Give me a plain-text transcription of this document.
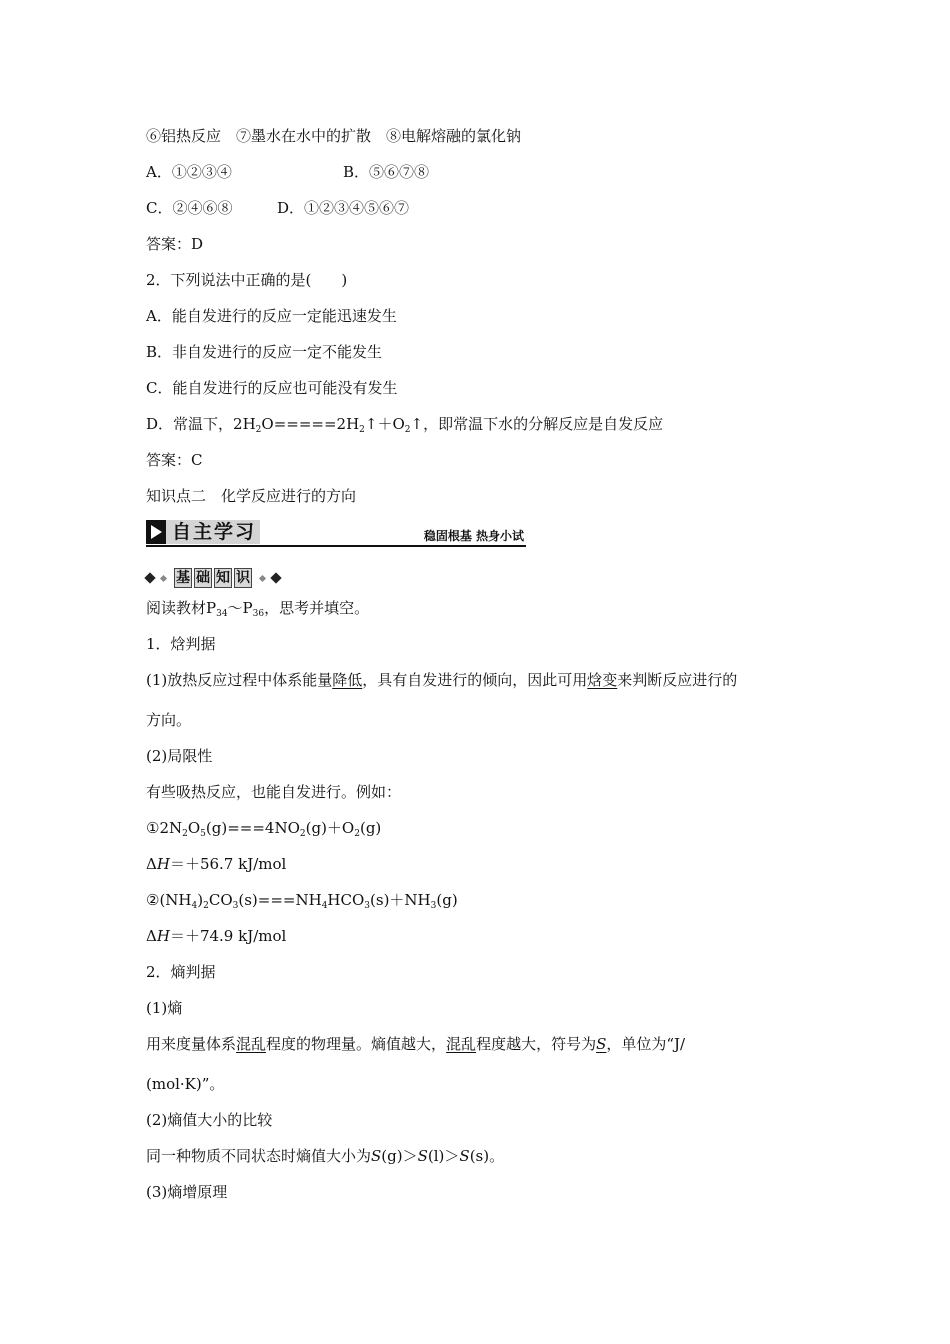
⑥铝热反应　⑦墨水在水中的扩散　⑧电解熔融的氯化钠
A．①②③④	B．⑤⑥⑦⑧
C．②④⑥⑧	D．①②③④⑤⑥⑦
答案：D
2．下列说法中正确的是(　　)
A．能自发进行的反应一定能迅速发生
B．非自发进行的反应一定不能发生
C．能自发进行的反应也可能没有发生
D．常温下，$2H_2O=====2H_2↑+O_2↑$，即常温下水的分解反应是自发反应
答案：C
知识点二　化学反应进行的方向
自主学习	稳固根基 热身小试
基 础 知 识
阅读教材$P_{34}\sim P_{36}$，思考并填空。
1．焓判据
(1)放热反应过程中体系能量降低，具有自发进行的倾向，因此可用焓变来判断反应进行的
方向。
(2)局限性
有些吸热反应，也能自发进行。例如：
$①2N_2O_5(g)===4NO_2(g)+O_2(g)$
ΔH＝＋56.7 kJ/mol
$②(NH_4)_2CO_3(s)===NH_4HCO_3(s)+NH_3(g)$
ΔH＝＋74.9 kJ/mol
2．熵判据
(1)熵
用来度量体系混乱程度的物理量。熵值越大，混乱程度越大，符号为S，单位为“J/
(mol·K)”。
(2)熵值大小的比较
同一种物质不同状态时熵值大小为S(g)＞S(l)＞S(s)。
(3)熵增原理
